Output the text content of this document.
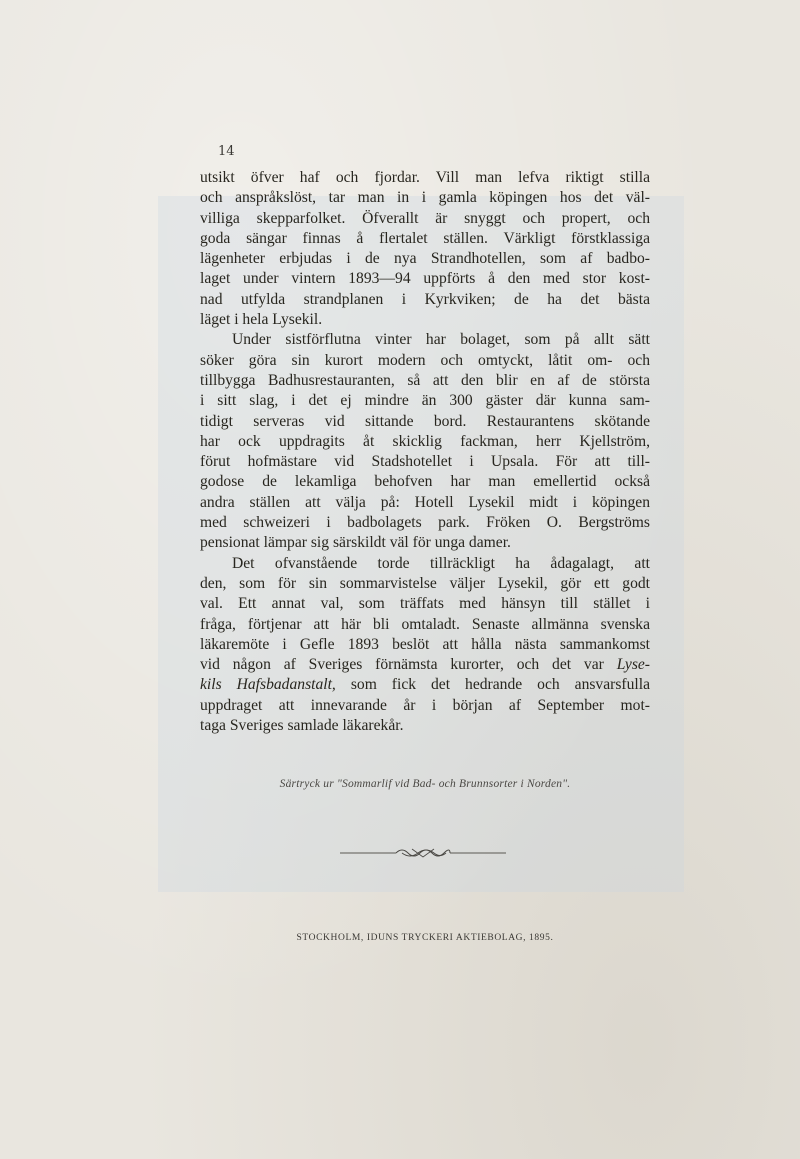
14
utsikt öfver haf och fjordar. Vill man lefva riktigt stilla
och anspråkslöst, tar man in i gamla köpingen hos det väl-
villiga skepparfolket. Öfverallt är snyggt och propert, och
goda sängar finnas å flertalet ställen. Värkligt förstklassiga
lägenheter erbjudas i de nya Strandhotellen, som af badbo-
laget under vintern 1893—94 uppförts å den med stor kost-
nad utfylda strandplanen i Kyrkviken; de ha det bästa
läget i hela Lysekil.
Under sistförflutna vinter har bolaget, som på allt sätt
söker göra sin kurort modern och omtyckt, låtit om- och
tillbygga Badhusrestauranten, så att den blir en af de största
i sitt slag, i det ej mindre än 300 gäster där kunna sam-
tidigt serveras vid sittande bord. Restaurantens skötande
har ock uppdragits åt skicklig fackman, herr Kjellström,
förut hofmästare vid Stadshotellet i Upsala. För att till-
godose de lekamliga behofven har man emellertid också
andra ställen att välja på: Hotell Lysekil midt i köpingen
med schweizeri i badbolagets park. Fröken O. Bergströms
pensionat lämpar sig särskildt väl för unga damer.
Det ofvanstående torde tillräckligt ha ådagalagt, att
den, som för sin sommarvistelse väljer Lysekil, gör ett godt
val. Ett annat val, som träffats med hänsyn till stället i
fråga, förtjenar att här bli omtaladt. Senaste allmänna svenska
läkaremöte i Gefle 1893 beslöt att hålla nästa sammankomst
vid någon af Sveriges förnämsta kurorter, och det var Lyse-
kils Hafsbadanstalt, som fick det hedrande och ansvarsfulla
uppdraget att innevarande år i början af September mot-
taga Sveriges samlade läkarekår.
Särtryck ur "Sommarlif vid Bad- och Brunnsorter i Norden".
STOCKHOLM, IDUNS TRYCKERI AKTIEBOLAG, 1895.
